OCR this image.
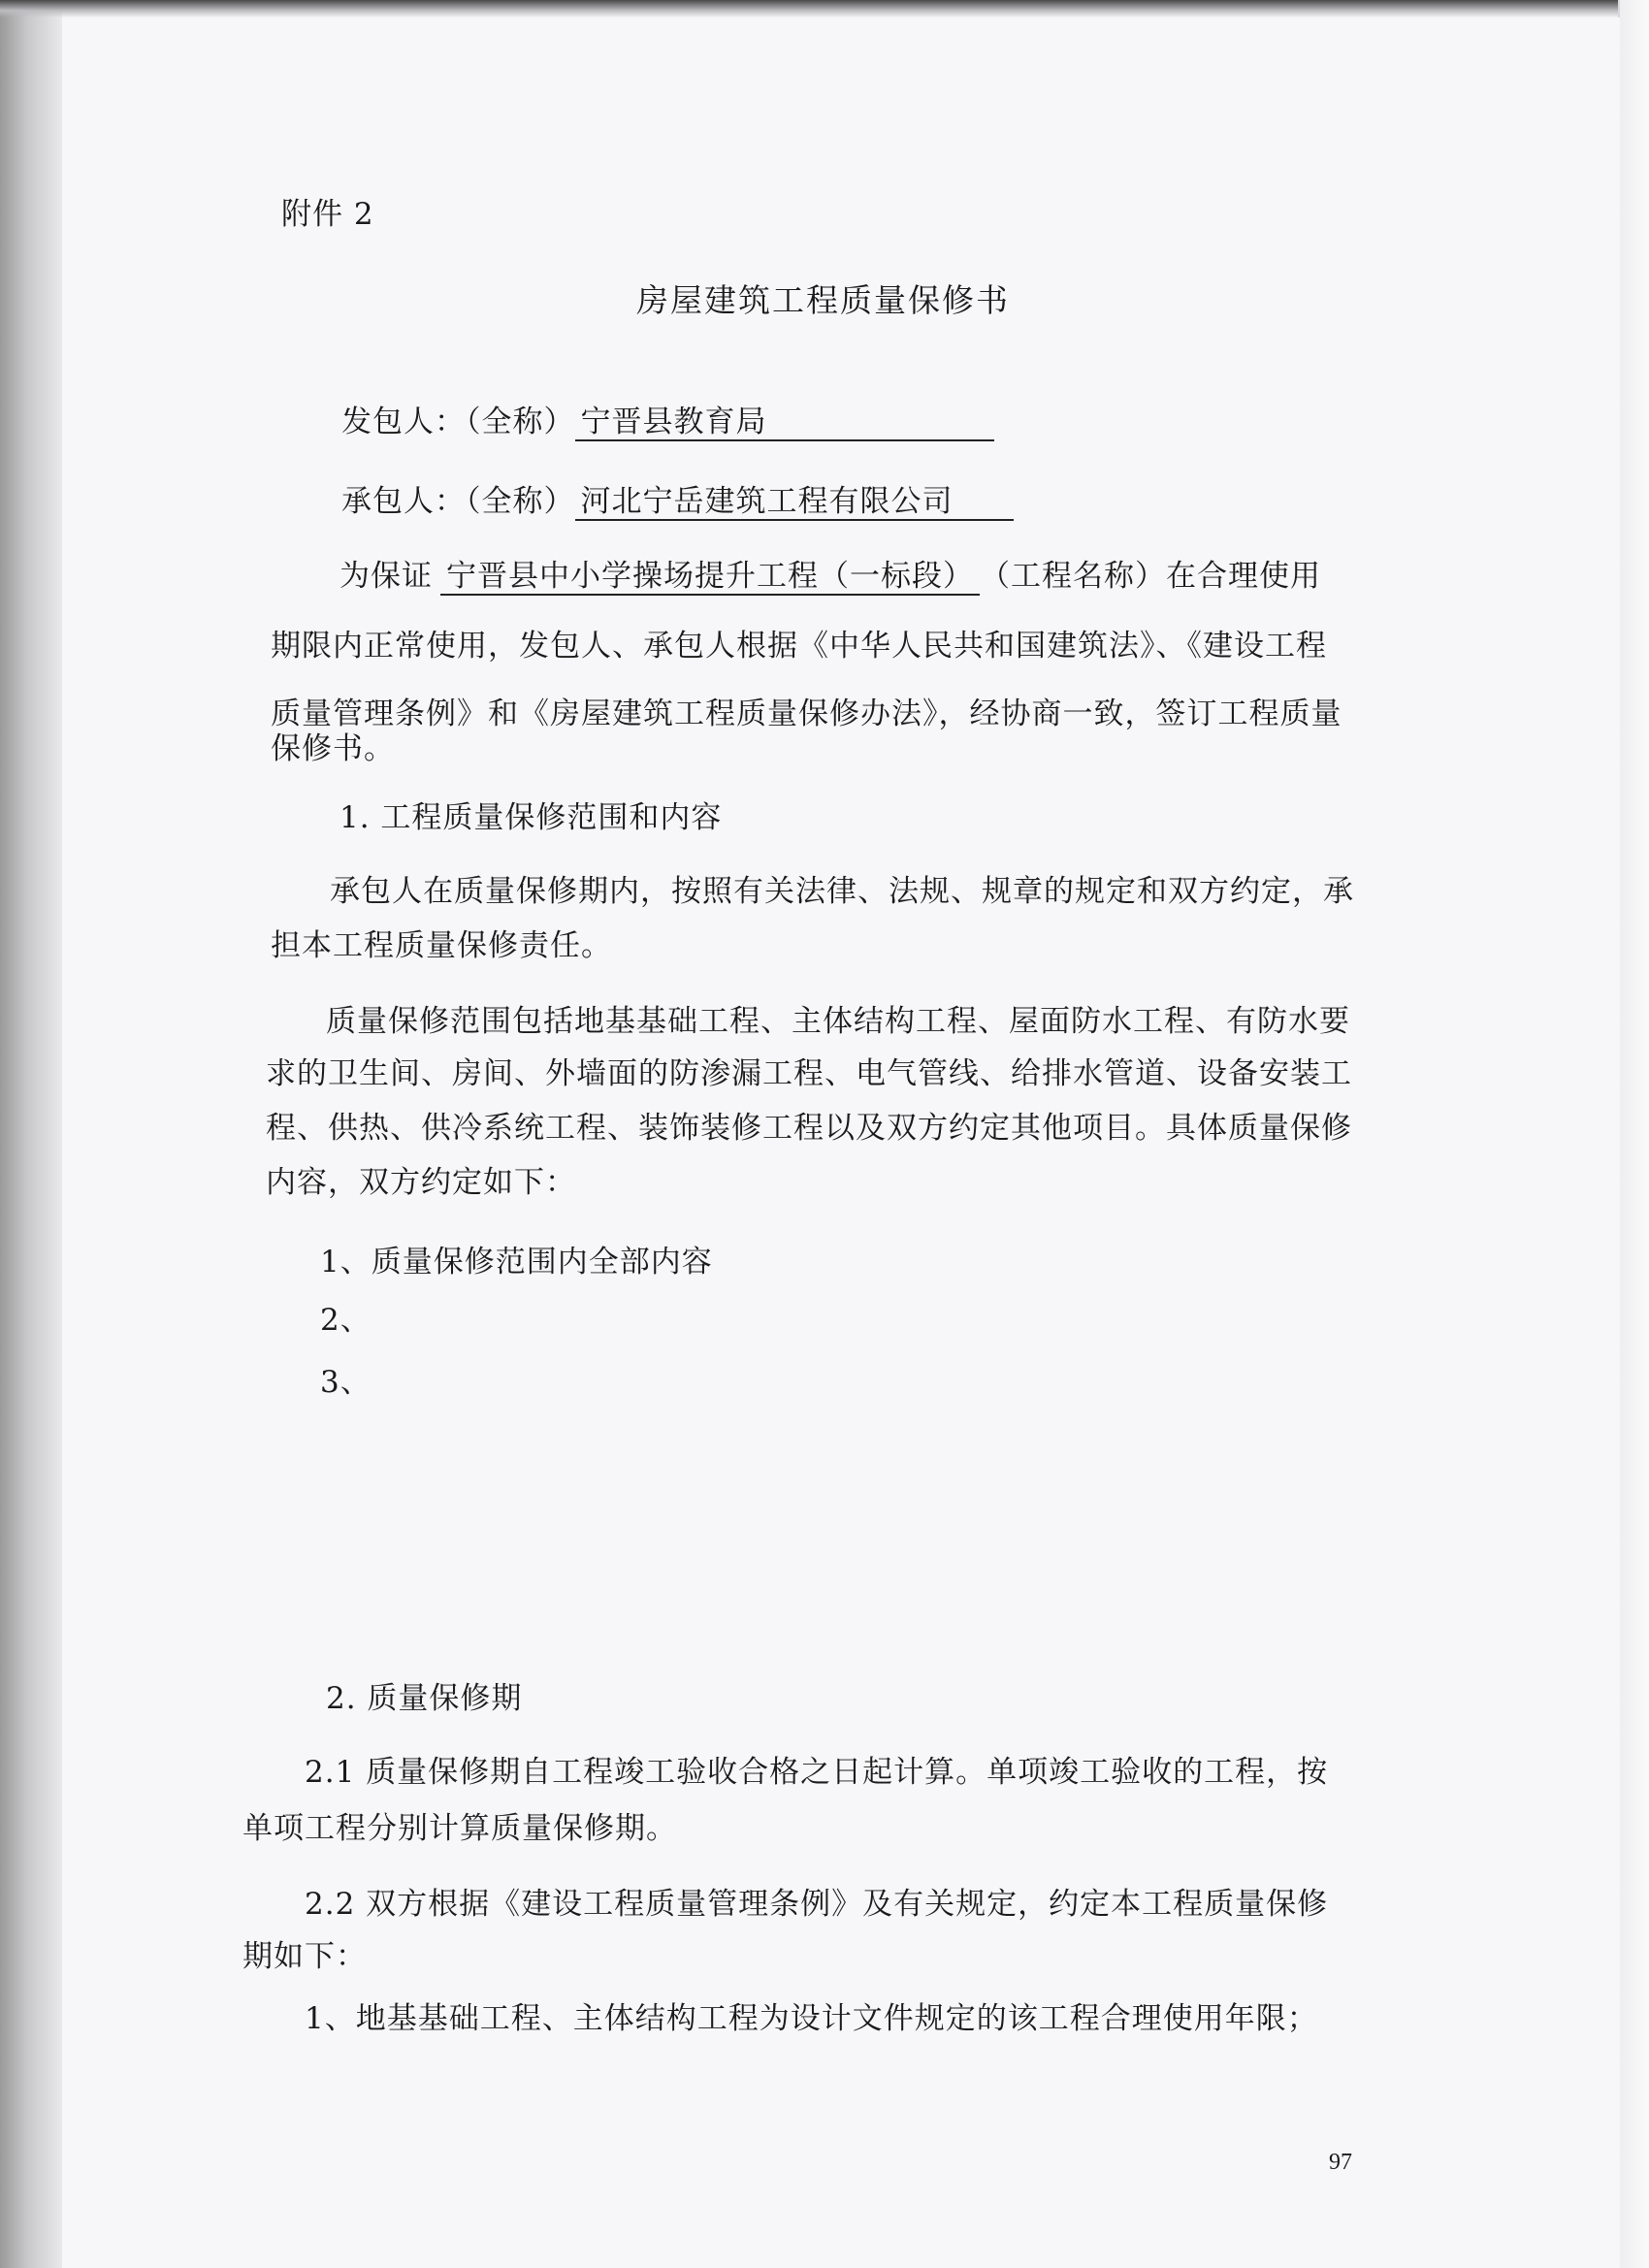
附件 2
房屋建筑工程质量保修书
发包人：（全称） 宁晋县教育局
承包人：（全称） 河北宁岳建筑工程有限公司
为保证 宁晋县中小学操场提升工程（一标段） （工程名称）在合理使用
期限内正常使用，发包人、承包人根据《中华人民共和国建筑法》、《建设工程
质量管理条例》和《房屋建筑工程质量保修办法》，经协商一致，签订工程质量
保修书。
1. 工程质量保修范围和内容
承包人在质量保修期内，按照有关法律、法规、规章的规定和双方约定，承
担本工程质量保修责任。
质量保修范围包括地基基础工程、主体结构工程、屋面防水工程、有防水要
求的卫生间、房间、外墙面的防渗漏工程、电气管线、给排水管道、设备安装工
程、供热、供冷系统工程、装饰装修工程以及双方约定其他项目。具体质量保修
内容，双方约定如下：
1、质量保修范围内全部内容
2、
3、
2. 质量保修期
2.1 质量保修期自工程竣工验收合格之日起计算。单项竣工验收的工程，按
单项工程分别计算质量保修期。
2.2 双方根据《建设工程质量管理条例》及有关规定，约定本工程质量保修
期如下：
1、地基基础工程、主体结构工程为设计文件规定的该工程合理使用年限；
97
